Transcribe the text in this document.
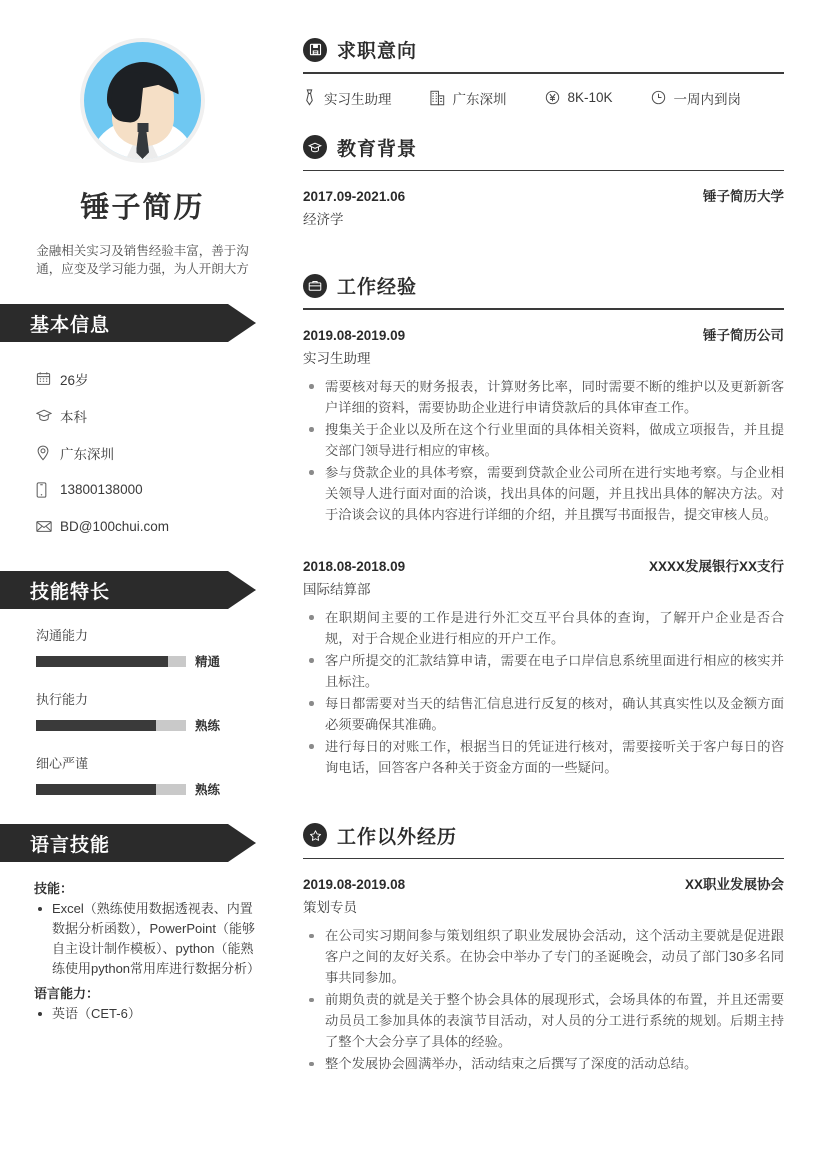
锤子简历
金融相关实习及销售经验丰富，善于沟通，应变及学习能力强，为人开朗大方
基本信息
26岁
本科
广东深圳
13800138000
BD@100chui.com
技能特长
沟通能力
精通
执行能力
熟练
细心严谨
熟练
语言技能
技能：
Excel（熟练使用数据透视表、内置数据分析函数），PowerPoint（能够自主设计制作模板）、python（能熟练使用python常用库进行数据分析）
语言能力：
英语（CET-6）
求职意向
实习生助理	广东深圳	8K-10K	一周内到岗
教育背景
2017.09-2021.06	锤子简历大学
经济学
工作经验
2019.08-2019.09	锤子简历公司
实习生助理
需要核对每天的财务报表，计算财务比率，同时需要不断的维护以及更新新客户详细的资料，需要协助企业进行申请贷款后的具体审查工作。
搜集关于企业以及所在这个行业里面的具体相关资料，做成立项报告，并且提交部门领导进行相应的审核。
参与贷款企业的具体考察，需要到贷款企业公司所在进行实地考察。与企业相关领导人进行面对面的洽谈，找出具体的问题，并且找出具体的解决方法。对于洽谈会议的具体内容进行详细的介绍，并且撰写书面报告，提交审核人员。
2018.08-2018.09	XXXX发展银行XX支行
国际结算部
在职期间主要的工作是进行外汇交互平台具体的查询，了解开户企业是否合规，对于合规企业进行相应的开户工作。
客户所提交的汇款结算申请，需要在电子口岸信息系统里面进行相应的核实并且标注。
每日都需要对当天的结售汇信息进行反复的核对，确认其真实性以及金额方面必须要确保其准确。
进行每日的对账工作，根据当日的凭证进行核对，需要接听关于客户每日的咨询电话，回答客户各种关于资金方面的一些疑问。
工作以外经历
2019.08-2019.08	XX职业发展协会
策划专员
在公司实习期间参与策划组织了职业发展协会活动，这个活动主要就是促进跟客户之间的友好关系。在协会中举办了专门的圣诞晚会，动员了部门30多名同事共同参加。
前期负责的就是关于整个协会具体的展现形式，会场具体的布置，并且还需要动员员工参加具体的表演节目活动，对人员的分工进行系统的规划。后期主持了整个大会分享了具体的经验。
整个发展协会圆满举办，活动结束之后撰写了深度的活动总结。
